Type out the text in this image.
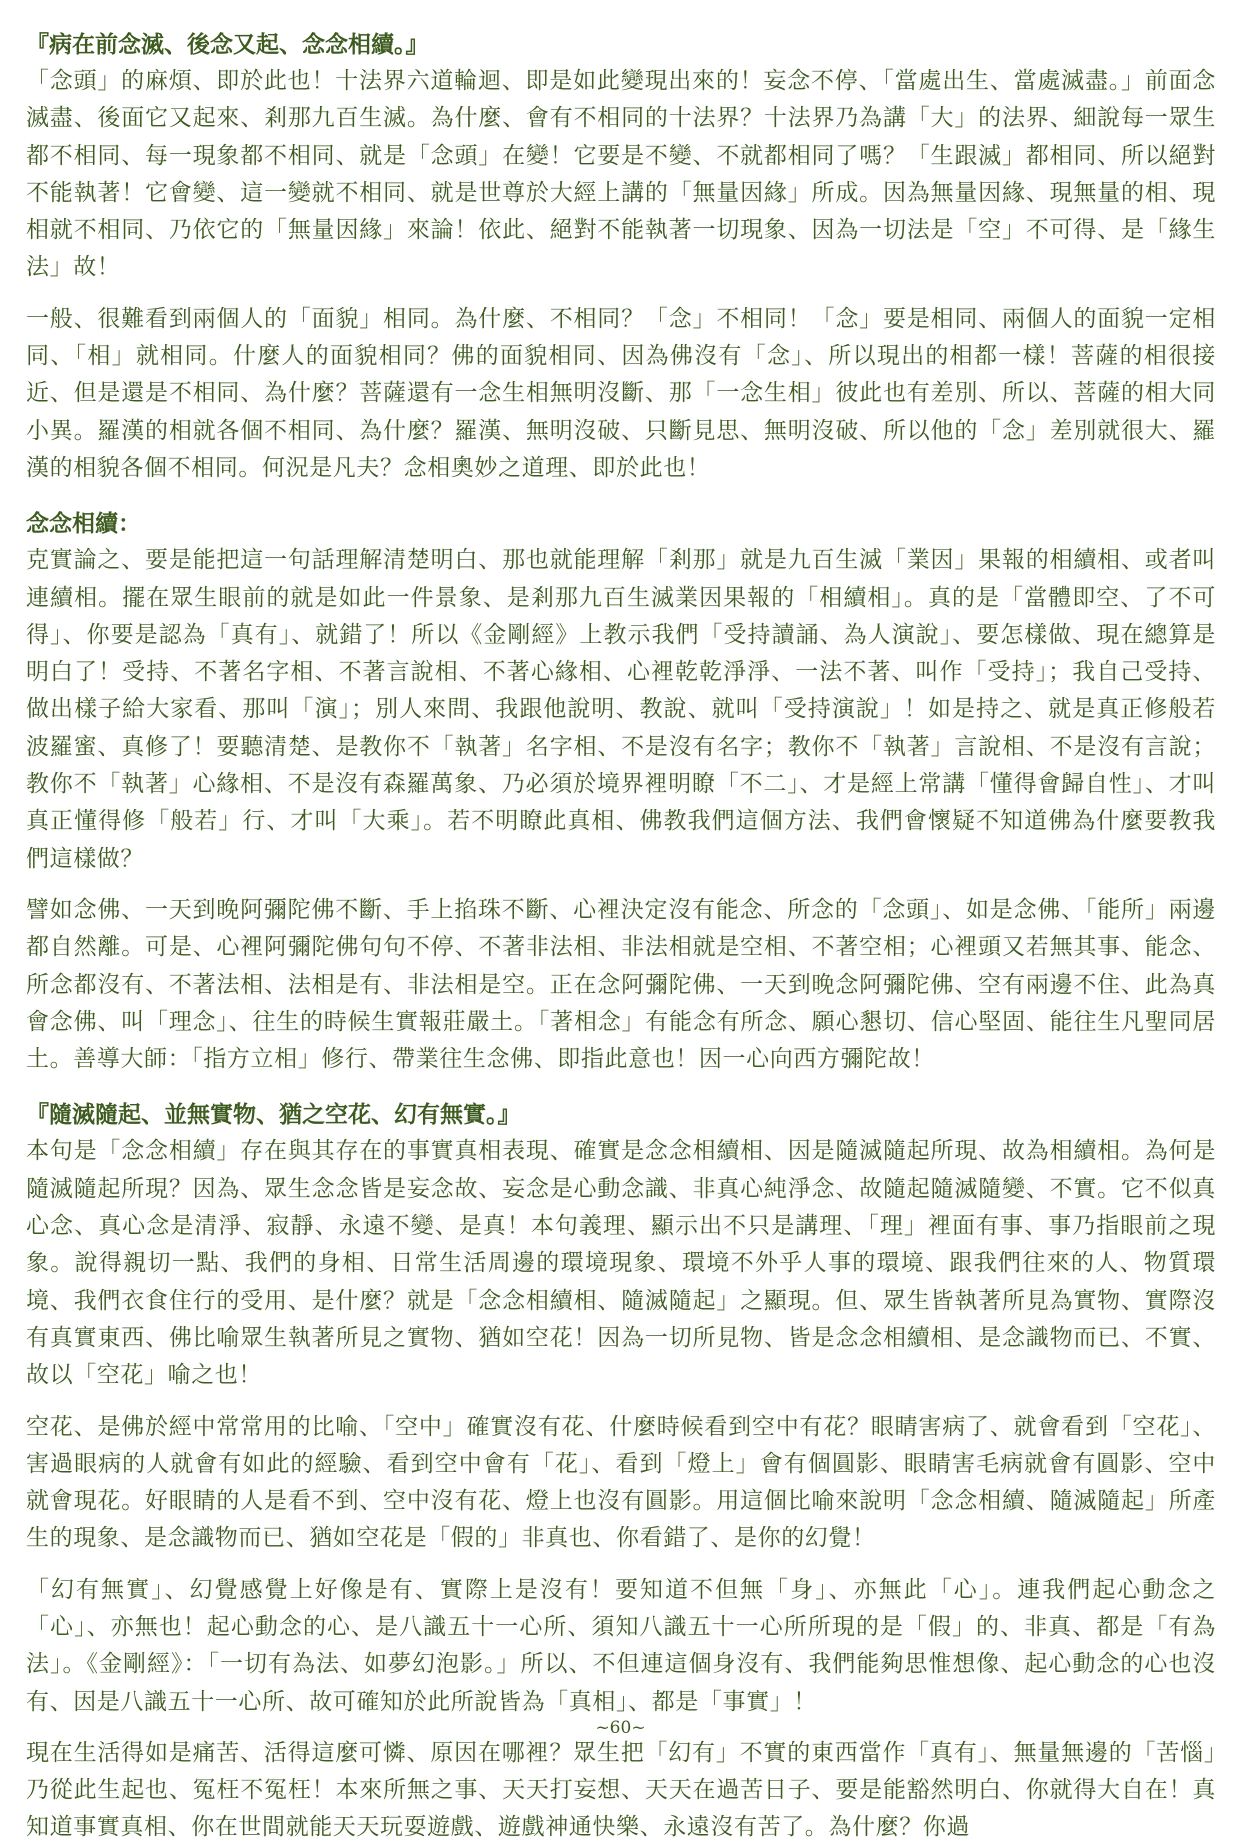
『病在前念滅、後念又起、念念相續。』

「念頭」的麻煩、即於此也！十法界六道輪迴、即是如此變現出來的！妄念不停、「當處出生、當處滅盡。」前面念滅盡、後面它又起來、剎那九百生滅。為什麼、會有不相同的十法界？十法界乃為講「大」的法界、細說每一眾生都不相同、每一現象都不相同、就是「念頭」在變！它要是不變、不就都相同了嗎？「生跟滅」都相同、所以絕對不能執著！它會變、這一變就不相同、就是世尊於大經上講的「無量因緣」所成。因為無量因緣、現無量的相、現相就不相同、乃依它的「無量因緣」來論！依此、絕對不能執著一切現象、因為一切法是「空」不可得、是「緣生法」故！

一般、很難看到兩個人的「面貌」相同。為什麼、不相同？「念」不相同！「念」要是相同、兩個人的面貌一定相同、「相」就相同。什麼人的面貌相同？佛的面貌相同、因為佛沒有「念」、所以現出的相都一樣！菩薩的相很接近、但是還是不相同、為什麼？菩薩還有一念生相無明沒斷、那「一念生相」彼此也有差別、所以、菩薩的相大同小異。羅漢的相就各個不相同、為什麼？羅漢、無明沒破、只斷見思、無明沒破、所以他的「念」差別就很大、羅漢的相貌各個不相同。何況是凡夫？念相奧妙之道理、即於此也！

念念相續：

克實論之、要是能把這一句話理解清楚明白、那也就能理解「剎那」就是九百生滅「業因」果報的相續相、或者叫連續相。擺在眾生眼前的就是如此一件景象、是剎那九百生滅業因果報的「相續相」。真的是「當體即空、了不可得」、你要是認為「真有」、就錯了！所以《金剛經》上教示我們「受持讀誦、為人演說」、要怎樣做、現在總算是明白了！受持、不著名字相、不著言說相、不著心緣相、心裡乾乾淨淨、一法不著、叫作「受持」；我自己受持、做出樣子給大家看、那叫「演」；別人來問、我跟他說明、教說、就叫「受持演說」！如是持之、就是真正修般若波羅蜜、真修了！要聽清楚、是教你不「執著」名字相、不是沒有名字；教你不「執著」言說相、不是沒有言說；教你不「執著」心緣相、不是沒有森羅萬象、乃必須於境界裡明瞭「不二」、才是經上常講「懂得會歸自性」、才叫真正懂得修「般若」行、才叫「大乘」。若不明瞭此真相、佛教我們這個方法、我們會懷疑不知道佛為什麼要教我們這樣做？

譬如念佛、一天到晚阿彌陀佛不斷、手上掐珠不斷、心裡決定沒有能念、所念的「念頭」、如是念佛、「能所」兩邊都自然離。可是、心裡阿彌陀佛句句不停、不著非法相、非法相就是空相、不著空相；心裡頭又若無其事、能念、所念都沒有、不著法相、法相是有、非法相是空。正在念阿彌陀佛、一天到晚念阿彌陀佛、空有兩邊不住、此為真會念佛、叫「理念」、往生的時候生實報莊嚴土。「著相念」有能念有所念、願心懇切、信心堅固、能往生凡聖同居土。善導大師：「指方立相」修行、帶業往生念佛、即指此意也！因一心向西方彌陀故！

『隨滅隨起、並無實物、猶之空花、幻有無實。』

本句是「念念相續」存在與其存在的事實真相表現、確實是念念相續相、因是隨滅隨起所現、故為相續相。為何是隨滅隨起所現？因為、眾生念念皆是妄念故、妄念是心動念識、非真心純淨念、故隨起隨滅隨變、不實。它不似真心念、真心念是清淨、寂靜、永遠不變、是真！本句義理、顯示出不只是講理、「理」裡面有事、事乃指眼前之現象。說得親切一點、我們的身相、日常生活周邊的環境現象、環境不外乎人事的環境、跟我們往來的人、物質環境、我們衣食住行的受用、是什麼？就是「念念相續相、隨滅隨起」之顯現。但、眾生皆執著所見為實物、實際沒有真實東西、佛比喻眾生執著所見之實物、猶如空花！因為一切所見物、皆是念念相續相、是念識物而已、不實、故以「空花」喻之也！

空花、是佛於經中常常用的比喻、「空中」確實沒有花、什麼時候看到空中有花？眼睛害病了、就會看到「空花」、害過眼病的人就會有如此的經驗、看到空中會有「花」、看到「燈上」會有個圓影、眼睛害毛病就會有圓影、空中就會現花。好眼睛的人是看不到、空中沒有花、燈上也沒有圓影。用這個比喻來說明「念念相續、隨滅隨起」所產生的現象、是念識物而已、猶如空花是「假的」非真也、你看錯了、是你的幻覺！

「幻有無實」、幻覺感覺上好像是有、實際上是沒有！要知道不但無「身」、亦無此「心」。連我們起心動念之「心」、亦無也！起心動念的心、是八識五十一心所、須知八識五十一心所所現的是「假」的、非真、都是「有為法」。《金剛經》：「一切有為法、如夢幻泡影。」所以、不但連這個身沒有、我們能夠思惟想像、起心動念的心也沒有、因是八識五十一心所、故可確知於此所說皆為「真相」、都是「事實」！

現在生活得如是痛苦、活得這麼可憐、原因在哪裡？眾生把「幻有」不實的東西當作「真有」、無量無邊的「苦惱」乃從此生起也、冤枉不冤枉！本來所無之事、天天打妄想、天天在過苦日子、要是能豁然明白、你就得大自在！真知道事實真相、你在世間就能天天玩耍遊戲、遊戲神通快樂、永遠沒有苦了。為什麼？你過

~60~
